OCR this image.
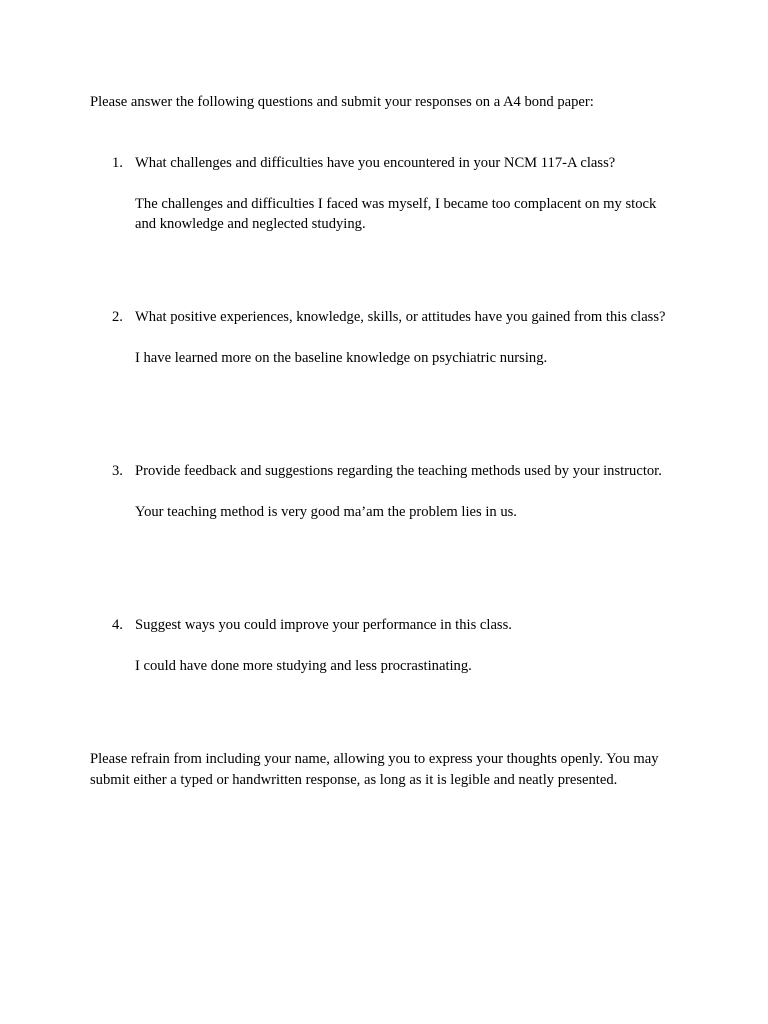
Please answer the following questions and submit your responses on a A4 bond paper:

1. What challenges and difficulties have you encountered in your NCM 117-A class?

The challenges and difficulties I faced was myself, I became too complacent on my stock and knowledge and neglected studying.

2. What positive experiences, knowledge, skills, or attitudes have you gained from this class?

I have learned more on the baseline knowledge on psychiatric nursing.

3. Provide feedback and suggestions regarding the teaching methods used by your instructor.

Your teaching method is very good ma’am the problem lies in us.

4. Suggest ways you could improve your performance in this class.

I could have done more studying and less procrastinating.

Please refrain from including your name, allowing you to express your thoughts openly. You may submit either a typed or handwritten response, as long as it is legible and neatly presented.
